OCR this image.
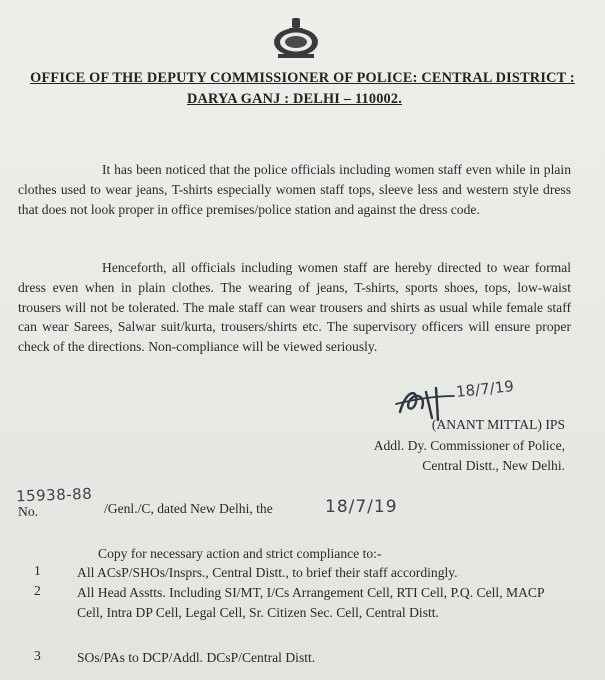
OFFICE OF THE DEPUTY COMMISSIONER OF POLICE: CENTRAL DISTRICT :
DARYA GANJ : DELHI – 110002.

It has been noticed that the police officials including women staff even while in plain clothes used to wear jeans, T-shirts especially women staff tops, sleeve less and western style dress that does not look proper in office premises/police station and against the dress code.

Henceforth, all officials including women staff are hereby directed to wear formal dress even when in plain clothes. The wearing of jeans, T-shirts, sports shoes, tops, low-waist trousers will not be tolerated. The male staff can wear trousers and shirts as usual while female staff can wear Sarees, Salwar suit/kurta, trousers/shirts etc. The supervisory officers will ensure proper check of the directions. Non-compliance will be viewed seriously.

18/7/19
(ANANT MITTAL) IPS
Addl. Dy. Commissioner of Police,
Central Distt., New Delhi.
15938-88
No.	/Genl./C, dated New Delhi, the	18/7/19
Copy for necessary action and strict compliance to:-
1	All ACsP/SHOs/Insprs., Central Distt., to brief their staff accordingly.

2	All Head Asstts. Including SI/MT, I/Cs Arrangement Cell, RTI Cell, P.Q. Cell, MACP Cell, Intra DP Cell, Legal Cell, Sr. Citizen Sec. Cell, Central Distt.

3	SOs/PAs to DCP/Addl. DCsP/Central Distt.
